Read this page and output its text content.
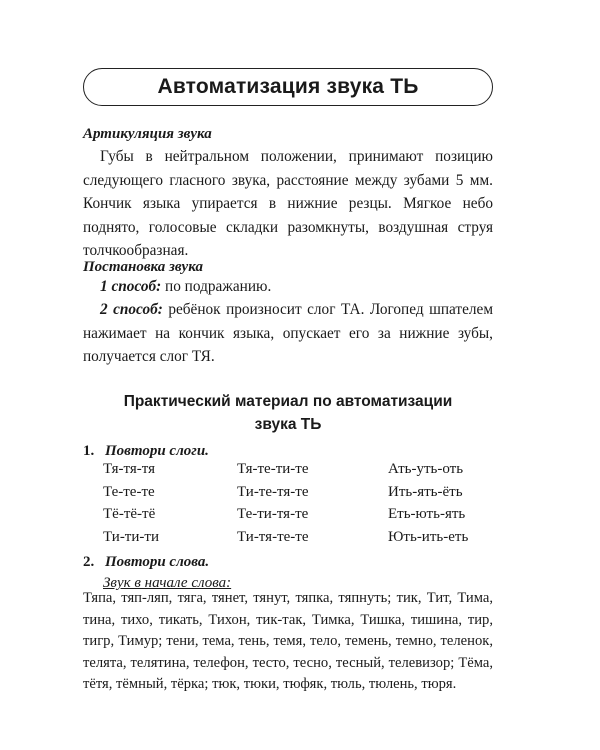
Автоматизация звука ТЬ
Артикуляция звука

Губы в нейтральном положении, принимают позицию следующего гласного звука, расстояние между зубами 5 мм. Кончик языка упирается в нижние резцы. Мягкое небо поднято, голосовые складки разомкнуты, воздушная струя толчкообразная.

Постановка звука

1 способ: по подражанию.

2 способ: ребёнок произносит слог ТА. Логопед шпателем нажимает на кончик языка, опускает его за нижние зубы, получается слог ТЯ.

Практический материал по автоматизации
звука ТЬ
1. Повтори слоги.
Тя-тя-тя
Те-те-те
Тё-тё-тё
Ти-ти-ти
Тя-те-ти-те
Ти-те-тя-те
Те-ти-тя-те
Ти-тя-те-те
Ать-уть-оть
Ить-ять-ёть
Еть-ють-ять
Ють-ить-еть
2. Повтори слова.
Звук в начале слова:

Тяпа, тяп-ляп, тяга, тянет, тянут, тяпка, тяпнуть; тик, Тит, Тима, тина, тихо, тикать, Тихон, тик-так, Тимка, Тишка, тишина, тир, тигр, Тимур; тени, тема, тень, темя, тело, темень, темно, теленок, телята, телятина, телефон, тесто, тесно, тесный, телевизор; Тёма, тётя, тёмный, тёрка; тюк, тюки, тюфяк, тюль, тюлень, тюря.
